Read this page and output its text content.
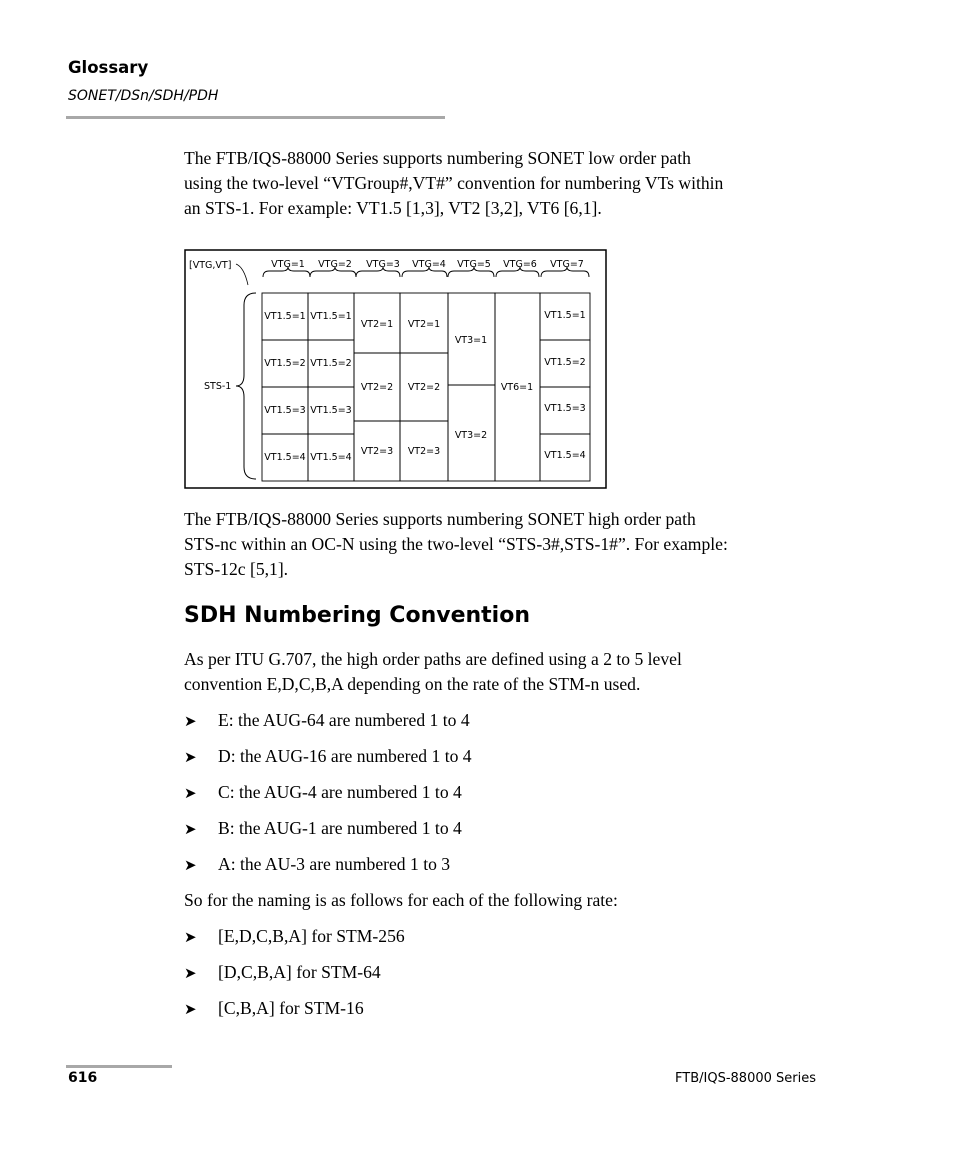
Glossary
SONET/DSn/SDH/PDH
The FTB/IQS-88000 Series supports numbering SONET low order path
using the two-level “VTGroup#,VT#” convention for numbering VTs within
an STS-1. For example: VT1.5 [1,3], VT2 [3,2], VT6 [6,1].
[VTG,VT]	VTG=1 VTG=2 VTG=3 VTG=4 VTG=5 VTG=6 VTG=7
STS-1
VT1.5=1
VT1.5=2
VT1.5=3
VT1.5=4
VT1.5=1
VT1.5=2
VT1.5=3
VT1.5=4
VT2=1
VT2=2
VT2=3
VT2=1
VT2=2
VT2=3
VT3=1
VT3=2
VT6=1
VT1.5=1
VT1.5=2
VT1.5=3
VT1.5=4
The FTB/IQS-88000 Series supports numbering SONET high order path
STS-nc within an OC-N using the two-level “STS-3#,STS-1#”. For example:
STS-12c [5,1].
SDH Numbering Convention
As per ITU G.707, the high order paths are defined using a 2 to 5 level
convention E,D,C,B,A depending on the rate of the STM-n used.
➤ E: the AUG-64 are numbered 1 to 4
➤ D: the AUG-16 are numbered 1 to 4
➤ C: the AUG-4 are numbered 1 to 4
➤ B: the AUG-1 are numbered 1 to 4
➤ A: the AU-3 are numbered 1 to 3
So for the naming is as follows for each of the following rate:
➤ [E,D,C,B,A] for STM-256
➤ [D,C,B,A] for STM-64
➤ [C,B,A] for STM-16
616	FTB/IQS-88000 Series
